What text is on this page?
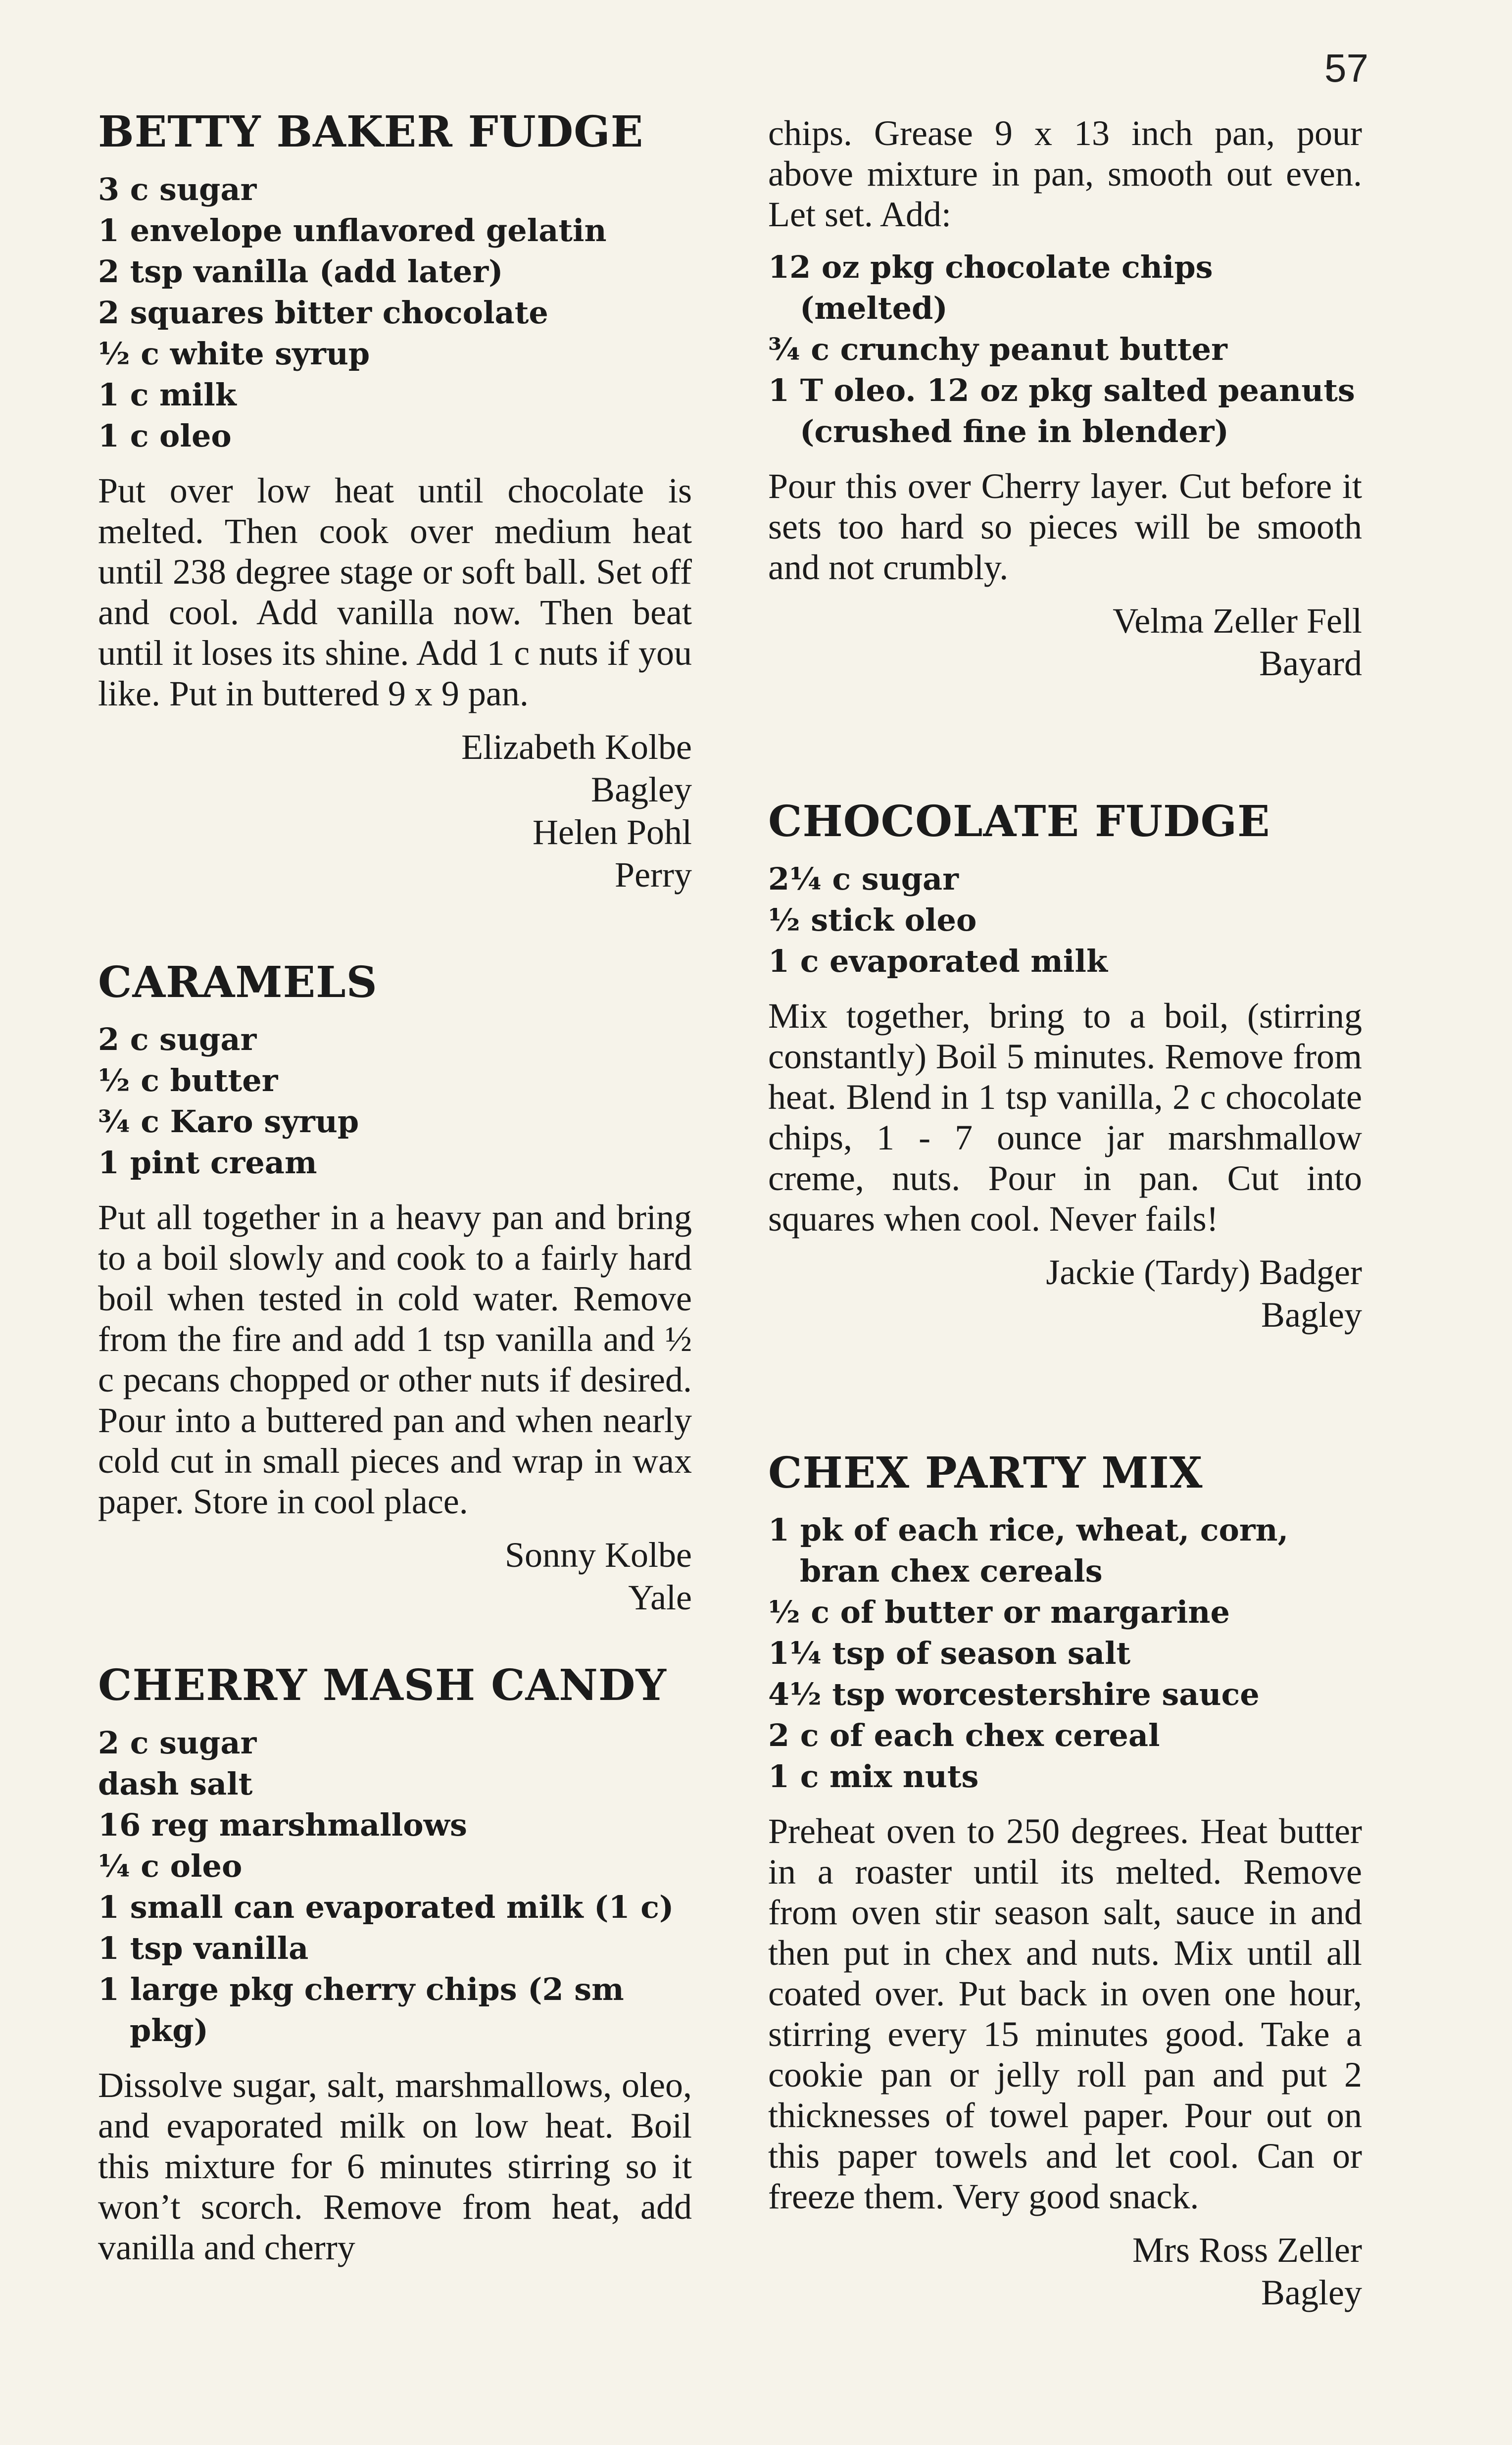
57
BETTY BAKER FUDGE
3 c sugar
1 envelope unflavored gelatin
2 tsp vanilla (add later)
2 squares bitter chocolate
½ c white syrup
1 c milk
1 c oleo

Put over low heat until chocolate is melted. Then cook over medium heat until 238 degree stage or soft ball. Set off and cool. Add vanilla now. Then beat until it loses its shine. Add 1 c nuts if you like. Put in buttered 9 x 9 pan.

Elizabeth Kolbe
Bagley
Helen Pohl
Perry
CARAMELS
2 c sugar
½ c butter
¾ c Karo syrup
1 pint cream

Put all together in a heavy pan and bring to a boil slowly and cook to a fairly hard boil when tested in cold water. Remove from the fire and add 1 tsp vanilla and ½ c pecans chopped or other nuts if desired. Pour into a buttered pan and when nearly cold cut in small pieces and wrap in wax paper. Store in cool place.

Sonny Kolbe
Yale
CHERRY MASH CANDY
2 c sugar
dash salt
16 reg marshmallows
¼ c oleo
1 small can evaporated milk (1 c)
1 tsp vanilla
1 large pkg cherry chips (2 sm pkg)

Dissolve sugar, salt, marshmallows, oleo, and evaporated milk on low heat. Boil this mixture for 6 minutes stirring so it won’t scorch. Remove from heat, add vanilla and cherry

chips. Grease 9 x 13 inch pan, pour above mixture in pan, smooth out even. Let set. Add:

12 oz pkg chocolate chips (melted)
¾ c crunchy peanut butter
1 T oleo. 12 oz pkg salted peanuts (crushed fine in blender)

Pour this over Cherry layer. Cut before it sets too hard so pieces will be smooth and not crumbly.

Velma Zeller Fell
Bayard
CHOCOLATE FUDGE
2¼ c sugar
½ stick oleo
1 c evaporated milk

Mix together, bring to a boil, (stirring constantly) Boil 5 minutes. Remove from heat. Blend in 1 tsp vanilla, 2 c chocolate chips, 1 - 7 ounce jar marshmallow creme, nuts. Pour in pan. Cut into squares when cool. Never fails!

Jackie (Tardy) Badger
Bagley
CHEX PARTY MIX
1 pk of each rice, wheat, corn, bran chex cereals
½ c of butter or margarine
1¼ tsp of season salt
4½ tsp worcestershire sauce
2 c of each chex cereal
1 c mix nuts

Preheat oven to 250 degrees. Heat butter in a roaster until its melted. Remove from oven stir season salt, sauce in and then put in chex and nuts. Mix until all coated over. Put back in oven one hour, stirring every 15 minutes good. Take a cookie pan or jelly roll pan and put 2 thicknesses of towel paper. Pour out on this paper towels and let cool. Can or freeze them. Very good snack.

Mrs Ross Zeller
Bagley
